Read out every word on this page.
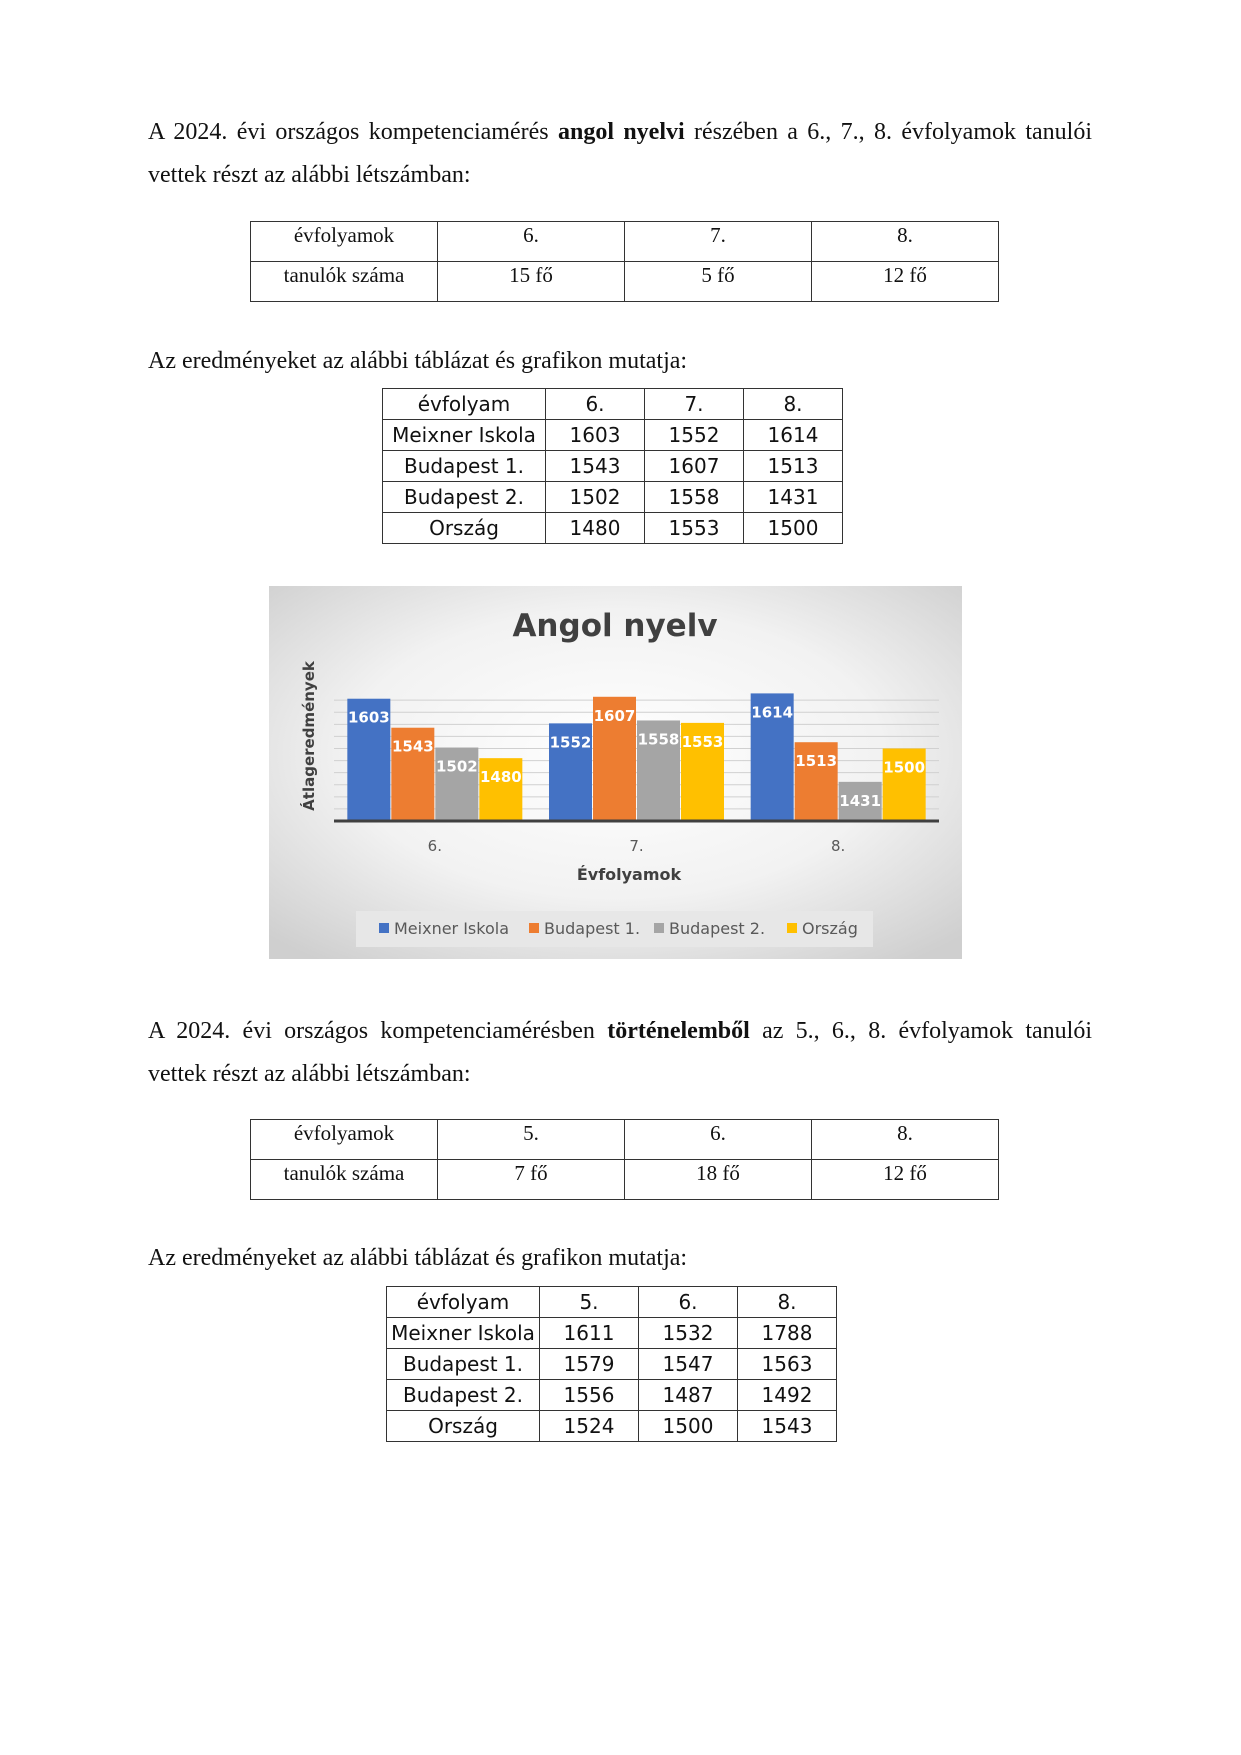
A 2024. évi országos kompetenciamérés angol nyelvi részében a 6., 7., 8. évfolyamok tanulói
vettek részt az alábbi létszámban:
évfolyamok	6.	7.	8.
tanulók száma	15 fő	5 fő	12 fő
Az eredményeket az alábbi táblázat és grafikon mutatja:
évfolyam	6.	7.	8.
Meixner Iskola	1603	1552	1614
Budapest 1.	1543	1607	1513
Budapest 2.	1502	1558	1431
Ország	1480	1553	1500
Angol nyelv
1603
1543
1502
1480
1552
1607
1558 1553
1614
1513
1431
1500
6.	7.	8.
Évfolyamok
Átlageredmények
Meixner Iskola Budapest 1. Budapest 2. Ország
A 2024. évi országos kompetenciamérésben történelemből az 5., 6., 8. évfolyamok tanulói
vettek részt az alábbi létszámban:
évfolyamok	5.	6.	8.
tanulók száma	7 fő	18 fő	12 fő
Az eredményeket az alábbi táblázat és grafikon mutatja:
évfolyam	5.	6.	8.
Meixner Iskola	1611	1532	1788
Budapest 1.	1579	1547	1563
Budapest 2.	1556	1487	1492
Ország	1524	1500	1543
